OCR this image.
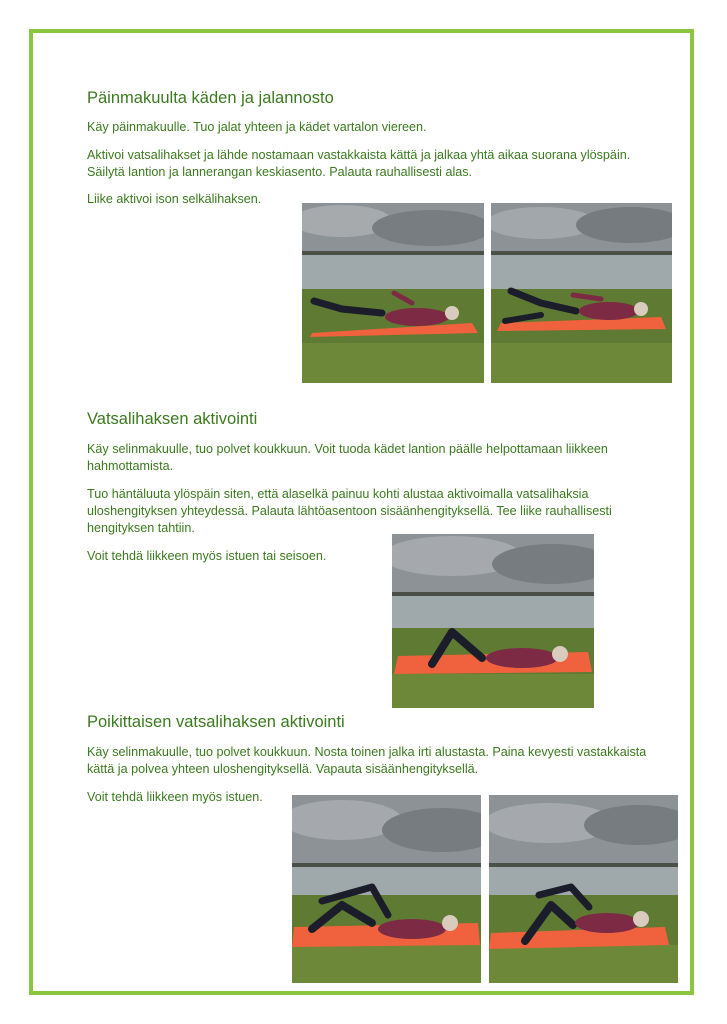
Päinmakuulta käden ja jalannosto

Käy päinmakuulle. Tuo jalat yhteen ja kädet vartalon viereen.

Aktivoi vatsalihakset ja lähde nostamaan vastakkaista kättä ja jalkaa yhtä aikaa suorana ylöspäin. Säilytä lantion ja lannerangan keskiasento. Palauta rauhallisesti alas.

Liike aktivoi ison selkälihaksen.

Vatsalihaksen aktivointi

Käy selinmakuulle, tuo polvet koukkuun. Voit tuoda kädet lantion päälle helpottamaan liikkeen hahmottamista.

Tuo häntäluuta ylöspäin siten, että alaselkä painuu kohti alustaa aktivoimalla vatsalihaksia uloshengityksen yhteydessä. Palauta lähtöasentoon sisäänhengityksellä. Tee liike rauhallisesti hengityksen tahtiin.

Voit tehdä liikkeen myös istuen tai seisoen.

Poikittaisen vatsalihaksen aktivointi

Käy selinmakuulle, tuo polvet koukkuun. Nosta toinen jalka irti alustasta. Paina kevyesti vastakkaista kättä ja polvea yhteen uloshengityksellä. Vapauta sisäänhengityksellä.

Voit tehdä liikkeen myös istuen.
